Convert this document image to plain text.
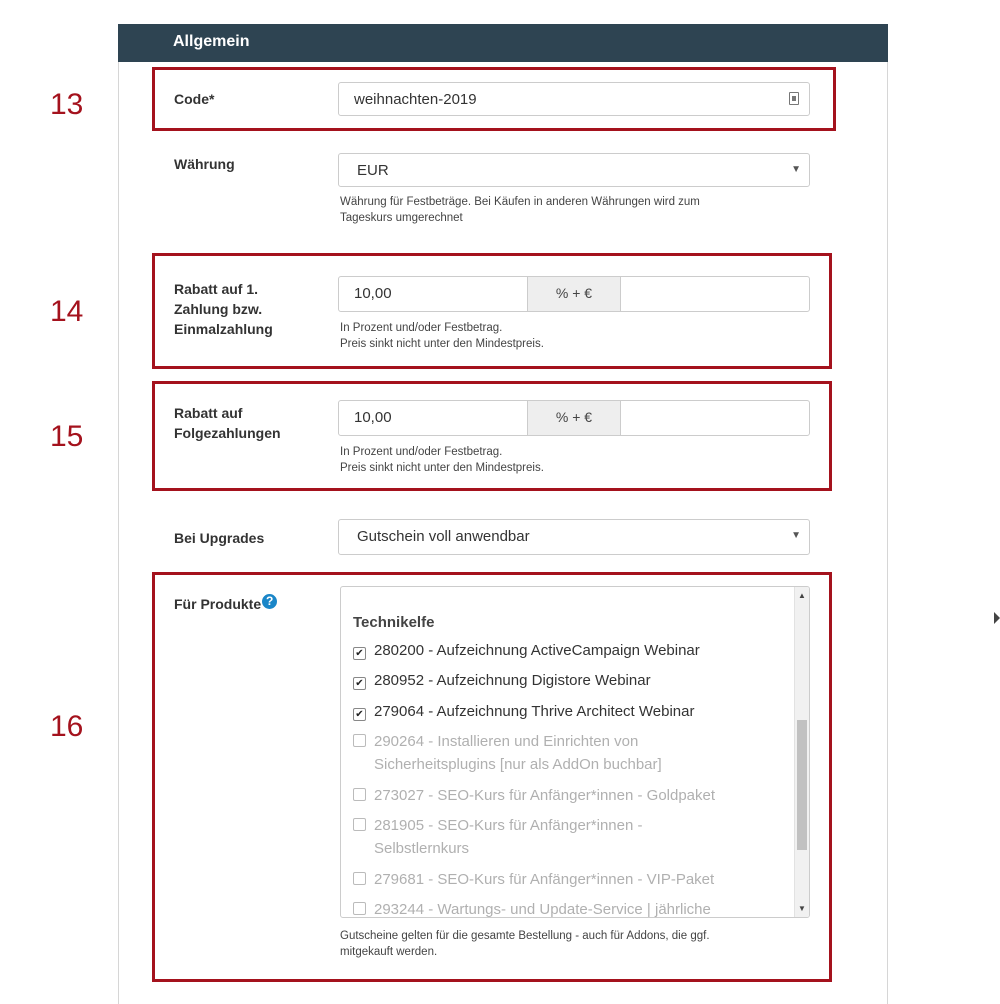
Allgemein
13
14
15
16
Code*	weihnachten-2019
Währung	EUR	▼
Währung für Festbeträge. Bei Käufen in anderen Währungen wird zum
Tageskurs umgerechnet
Rabatt auf 1.
Zahlung bzw.
Einmalzahlung
10,00	% + €
In Prozent und/oder Festbetrag.
Preis sinkt nicht unter den Mindestpreis.
Rabatt auf
Folgezahlungen
10,00	% + €
In Prozent und/oder Festbetrag.
Preis sinkt nicht unter den Mindestpreis.
Bei Upgrades	Gutschein voll anwendbar	▼
Für Produkte ?
Technikelfe
✔ 280200 - Aufzeichnung ActiveCampaign Webinar
✔ 280952 - Aufzeichnung Digistore Webinar
✔ 279064 - Aufzeichnung Thrive Architect Webinar
290264 - Installieren und Einrichten von
Sicherheitsplugins [nur als AddOn buchbar]
273027 - SEO-Kurs für Anfänger*innen - Goldpaket
281905 - SEO-Kurs für Anfänger*innen -
Selbstlernkurs
279681 - SEO-Kurs für Anfänger*innen - VIP-Paket
293244 - Wartungs- und Update-Service | jährliche
▲
▼
Gutscheine gelten für die gesamte Bestellung - auch für Addons, die ggf.
mitgekauft werden.
